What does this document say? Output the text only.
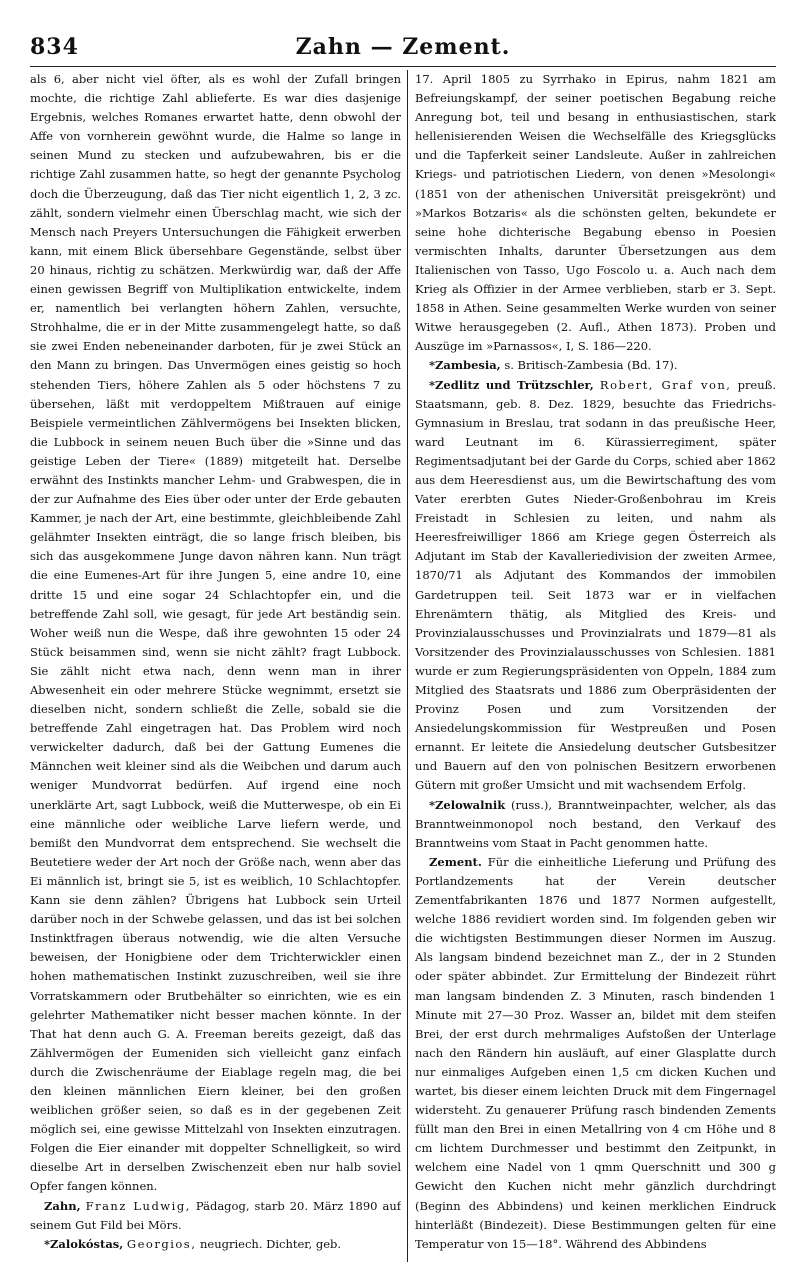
834	Zahn — Zement.

als 6, aber nicht viel öfter, als es wohl der Zufall bringen mochte, die richtige Zahl ablieferte. Es war dies dasjenige Ergebnis, welches Romanes erwartet hatte, denn obwohl der Affe von vornherein gewöhnt wurde, die Halme so lange in seinen Mund zu stecken und aufzubewahren, bis er die richtige Zahl zusammen hatte, so hegt der genannte Psycholog doch die Überzeugung, daß das Tier nicht eigentlich 1, 2, 3 zc. zählt, sondern vielmehr einen Überschlag macht, wie sich der Mensch nach Preyers Untersuchungen die Fähigkeit erwerben kann, mit einem Blick übersehbare Gegenstände, selbst über 20 hinaus, richtig zu schätzen. Merkwürdig war, daß der Affe einen gewissen Begriff von Multiplikation entwickelte, indem er, namentlich bei verlangten höhern Zahlen, versuchte, Strohhalme, die er in der Mitte zusammengelegt hatte, so daß sie zwei Enden nebeneinander darboten, für je zwei Stück an den Mann zu bringen. Das Unvermögen eines geistig so hoch stehenden Tiers, höhere Zahlen als 5 oder höchstens 7 zu übersehen, läßt mit verdoppeltem Mißtrauen auf einige Beispiele vermeintlichen Zählvermögens bei Insekten blicken, die Lubbock in seinem neuen Buch über die »Sinne und das geistige Leben der Tiere« (1889) mitgeteilt hat. Derselbe erwähnt des Instinkts mancher Lehm- und Grabwespen, die in der zur Aufnahme des Eies über oder unter der Erde gebauten Kammer, je nach der Art, eine bestimmte, gleichbleibende Zahl gelähmter Insekten einträgt, die so lange frisch bleiben, bis sich das ausgekommene Junge davon nähren kann. Nun trägt die eine Eumenes-Art für ihre Jungen 5, eine andre 10, eine dritte 15 und eine sogar 24 Schlachtopfer ein, und die betreffende Zahl soll, wie gesagt, für jede Art beständig sein. Woher weiß nun die Wespe, daß ihre gewohnten 15 oder 24 Stück beisammen sind, wenn sie nicht zählt? fragt Lubbock. Sie zählt nicht etwa nach, denn wenn man in ihrer Abwesenheit ein oder mehrere Stücke wegnimmt, ersetzt sie dieselben nicht, sondern schließt die Zelle, sobald sie die betreffende Zahl eingetragen hat. Das Problem wird noch verwickelter dadurch, daß bei der Gattung Eumenes die Männchen weit kleiner sind als die Weibchen und darum auch weniger Mundvorrat bedürfen. Auf irgend eine noch unerklärte Art, sagt Lubbock, weiß die Mutterwespe, ob ein Ei eine männliche oder weibliche Larve liefern werde, und bemißt den Mundvorrat dem entsprechend. Sie wechselt die Beutetiere weder der Art noch der Größe nach, wenn aber das Ei männlich ist, bringt sie 5, ist es weiblich, 10 Schlachtopfer. Kann sie denn zählen? Übrigens hat Lubbock sein Urteil darüber noch in der Schwebe gelassen, und das ist bei solchen Instinktfragen überaus notwendig, wie die alten Versuche beweisen, der Honigbiene oder dem Trichterwickler einen hohen mathematischen Instinkt zuzuschreiben, weil sie ihre Vorratskammern oder Brutbehälter so einrichten, wie es ein gelehrter Mathematiker nicht besser machen könnte. In der That hat denn auch G. A. Freeman bereits gezeigt, daß das Zählvermögen der Eumeniden sich vielleicht ganz einfach durch die Zwischenräume der Eiablage regeln mag, die bei den kleinen männlichen Eiern kleiner, bei den großen weiblichen größer seien, so daß es in der gegebenen Zeit möglich sei, eine gewisse Mittelzahl von Insekten einzutragen. Folgen die Eier einander mit doppelter Schnelligkeit, so wird dieselbe Art in derselben Zwischenzeit eben nur halb soviel Opfer fangen können.

Zahn, Franz Ludwig, Pädagog, starb 20. März 1890 auf seinem Gut Fild bei Mörs.

*Zalokóstas, Georgios, neugriech. Dichter, geb.

17. April 1805 zu Syrrhako in Epirus, nahm 1821 am Befreiungskampf, der seiner poetischen Begabung reiche Anregung bot, teil und besang in enthusiastischen, stark hellenisierenden Weisen die Wechselfälle des Kriegsglücks und die Tapferkeit seiner Landsleute. Außer in zahlreichen Kriegs- und patriotischen Liedern, von denen »Mesolongi« (1851 von der athenischen Universität preisgekrönt) und »Markos Botzaris« als die schönsten gelten, bekundete er seine hohe dichterische Begabung ebenso in Poesien vermischten Inhalts, darunter Übersetzungen aus dem Italienischen von Tasso, Ugo Foscolo u. a. Auch nach dem Krieg als Offizier in der Armee verblieben, starb er 3. Sept. 1858 in Athen. Seine gesammelten Werke wurden von seiner Witwe herausgegeben (2. Aufl., Athen 1873). Proben und Auszüge im »Parnassos«, I, S. 186—220.

*Zambesia, s. Britisch-Zambesia (Bd. 17).

*Zedlitz und Trützschler, Robert, Graf von, preuß. Staatsmann, geb. 8. Dez. 1829, besuchte das Friedrichs-Gymnasium in Breslau, trat sodann in das preußische Heer, ward Leutnant im 6. Kürassierregiment, später Regimentsadjutant bei der Garde du Corps, schied aber 1862 aus dem Heeresdienst aus, um die Bewirtschaftung des vom Vater ererbten Gutes Nieder-Großenbohrau im Kreis Freistadt in Schlesien zu leiten, und nahm als Heeresfreiwilliger 1866 am Kriege gegen Österreich als Adjutant im Stab der Kavalleriedivision der zweiten Armee, 1870/71 als Adjutant des Kommandos der immobilen Gardetruppen teil. Seit 1873 war er in vielfachen Ehrenämtern thätig, als Mitglied des Kreis- und Provinzialausschusses und Provinzialrats und 1879—81 als Vorsitzender des Provinzialausschusses von Schlesien. 1881 wurde er zum Regierungspräsidenten von Oppeln, 1884 zum Mitglied des Staatsrats und 1886 zum Oberpräsidenten der Provinz Posen und zum Vorsitzenden der Ansiedelungskommission für Westpreußen und Posen ernannt. Er leitete die Ansiedelung deutscher Gutsbesitzer und Bauern auf den von polnischen Besitzern erworbenen Gütern mit großer Umsicht und mit wachsendem Erfolg.

*Zelowalnik (russ.), Branntweinpachter, welcher, als das Branntweinmonopol noch bestand, den Verkauf des Branntweins vom Staat in Pacht genommen hatte.

Zement. Für die einheitliche Lieferung und Prüfung des Portlandzements hat der Verein deutscher Zementfabrikanten 1876 und 1877 Normen aufgestellt, welche 1886 revidiert worden sind. Im folgenden geben wir die wichtigsten Bestimmungen dieser Normen im Auszug. Als langsam bindend bezeichnet man Z., der in 2 Stunden oder später abbindet. Zur Ermittelung der Bindezeit rührt man langsam bindenden Z. 3 Minuten, rasch bindenden 1 Minute mit 27—30 Proz. Wasser an, bildet mit dem steifen Brei, der erst durch mehrmaliges Aufstoßen der Unterlage nach den Rändern hin ausläuft, auf einer Glasplatte durch nur einmaliges Aufgeben einen 1,5 cm dicken Kuchen und wartet, bis dieser einem leichten Druck mit dem Fingernagel widersteht. Zu genauerer Prüfung rasch bindenden Zements füllt man den Brei in einen Metallring von 4 cm Höhe und 8 cm lichtem Durchmesser und bestimmt den Zeitpunkt, in welchem eine Nadel von 1 qmm Querschnitt und 300 g Gewicht den Kuchen nicht mehr gänzlich durchdringt (Beginn des Abbindens) und keinen merklichen Eindruck hinterläßt (Bindezeit). Diese Bestimmungen gelten für eine Temperatur von 15—18°. Während des Abbindens
